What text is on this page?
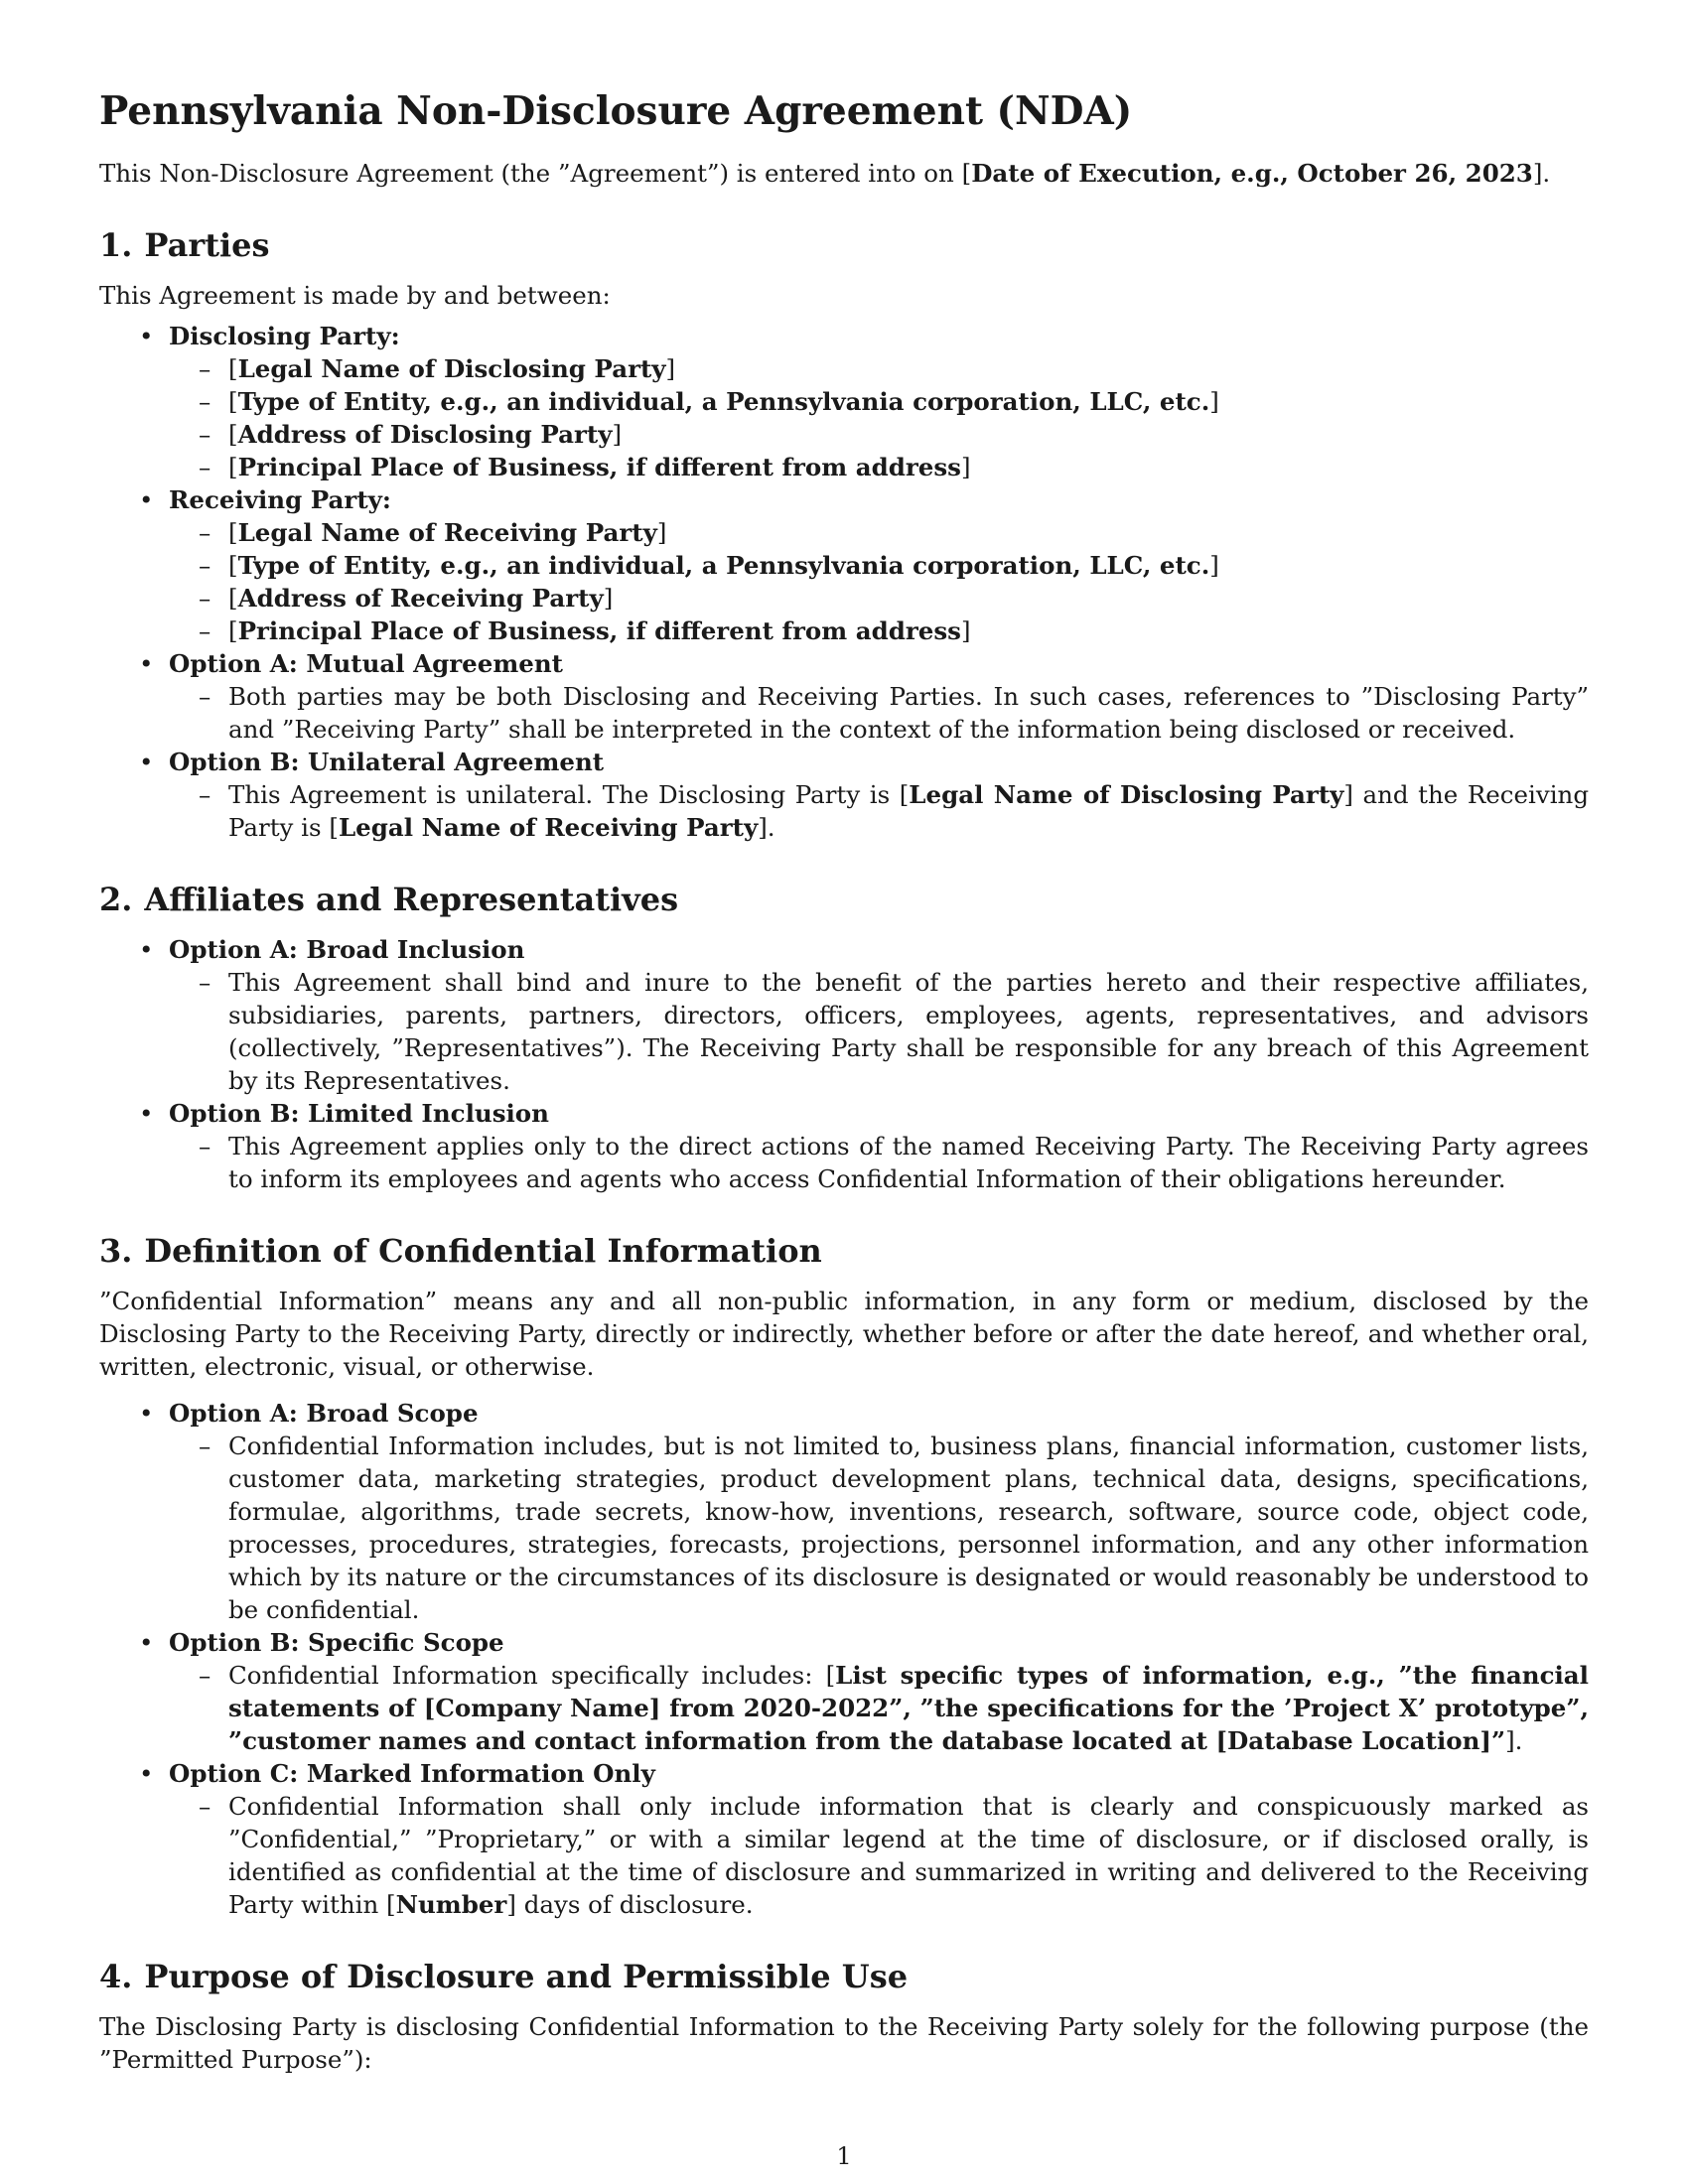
Pennsylvania Non-Disclosure Agreement (NDA)

This Non-Disclosure Agreement (the ”Agreement”) is entered into on [Date of Execution, e.g., October 26, 2023].

1. Parties

This Agreement is made by and between:

• Disclosing Party:
– [Legal Name of Disclosing Party]
– [Type of Entity, e.g., an individual, a Pennsylvania corporation, LLC, etc.]
– [Address of Disclosing Party]
– [Principal Place of Business, if different from address]
• Receiving Party:
– [Legal Name of Receiving Party]
– [Type of Entity, e.g., an individual, a Pennsylvania corporation, LLC, etc.]
– [Address of Receiving Party]
– [Principal Place of Business, if different from address]
• Option A: Mutual Agreement
– Both parties may be both Disclosing and Receiving Parties. In such cases, references to ”Disclosing Party” and ”Receiving Party” shall be interpreted in the context of the information being disclosed or received.
• Option B: Unilateral Agreement
– This Agreement is unilateral. The Disclosing Party is [Legal Name of Disclosing Party] and the Receiving Party is [Legal Name of Receiving Party].
2. Affiliates and Representatives
• Option A: Broad Inclusion
– This Agreement shall bind and inure to the benefit of the parties hereto and their respective affiliates, subsidiaries, parents, partners, directors, officers, employees, agents, representatives, and advisors (collectively, ”Representatives”). The Receiving Party shall be responsible for any breach of this Agreement by its Representatives.
• Option B: Limited Inclusion
– This Agreement applies only to the direct actions of the named Receiving Party. The Receiving Party agrees to inform its employees and agents who access Confidential Information of their obligations hereunder.
3. Definition of Confidential Information

”Confidential Information” means any and all non-public information, in any form or medium, disclosed by the Disclosing Party to the Receiving Party, directly or indirectly, whether before or after the date hereof, and whether oral, written, electronic, visual, or otherwise.

• Option A: Broad Scope
– Confidential Information includes, but is not limited to, business plans, financial information, customer lists, customer data, marketing strategies, product development plans, technical data, designs, specifications, formulae, algorithms, trade secrets, know-how, inventions, research, software, source code, object code, processes, procedures, strategies, forecasts, projections, personnel information, and any other information which by its nature or the circumstances of its disclosure is designated or would reasonably be understood to be confidential.
• Option B: Specific Scope
– Confidential Information specifically includes: [List specific types of information, e.g., ”the financial statements of [Company Name] from 2020-2022”, ”the specifications for the ’Project X’ prototype”, ”customer names and contact information from the database located at [Database Location]”].
• Option C: Marked Information Only
– Confidential Information shall only include information that is clearly and conspicuously marked as ”Confidential,” ”Proprietary,” or with a similar legend at the time of disclosure, or if disclosed orally, is identified as confidential at the time of disclosure and summarized in writing and delivered to the Receiving Party within [Number] days of disclosure.
4. Purpose of Disclosure and Permissible Use

The Disclosing Party is disclosing Confidential Information to the Receiving Party solely for the following purpose (the ”Permitted Purpose”):

1
